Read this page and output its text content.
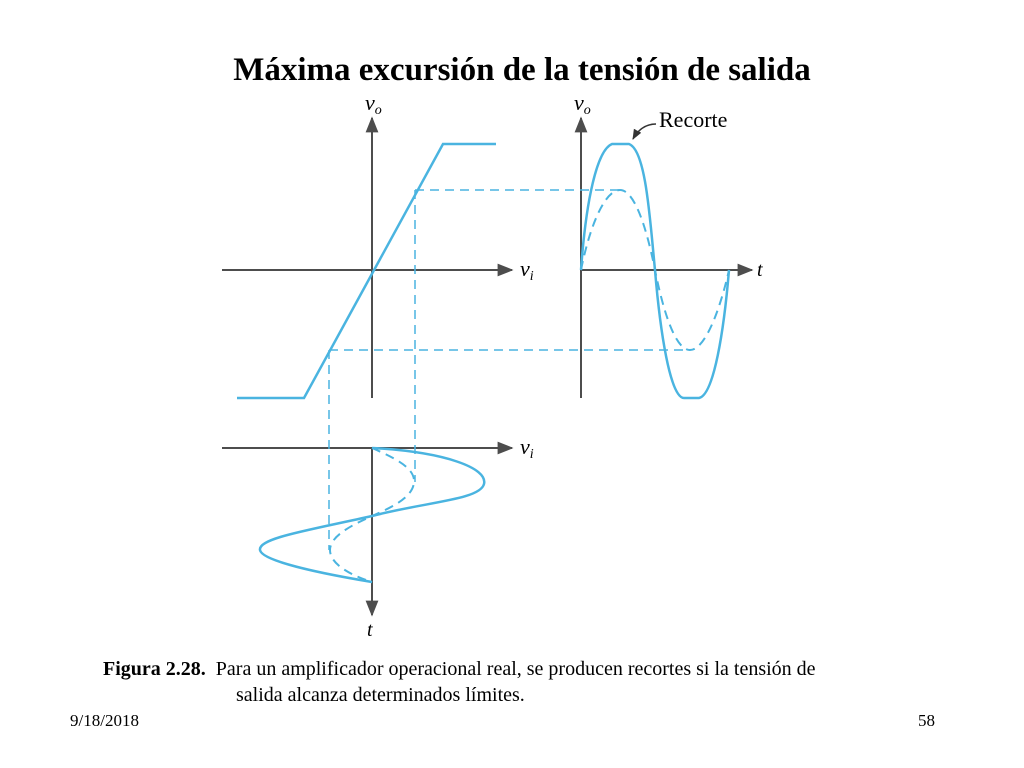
Máxima excursión de la tensión de salida
vo
vi
vo
t
vi
t
Recorte
Figura 2.28. Para un amplificador operacional real, se producen recortes si la tensión de
salida alcanza determinados límites.
9/18/2018	58
